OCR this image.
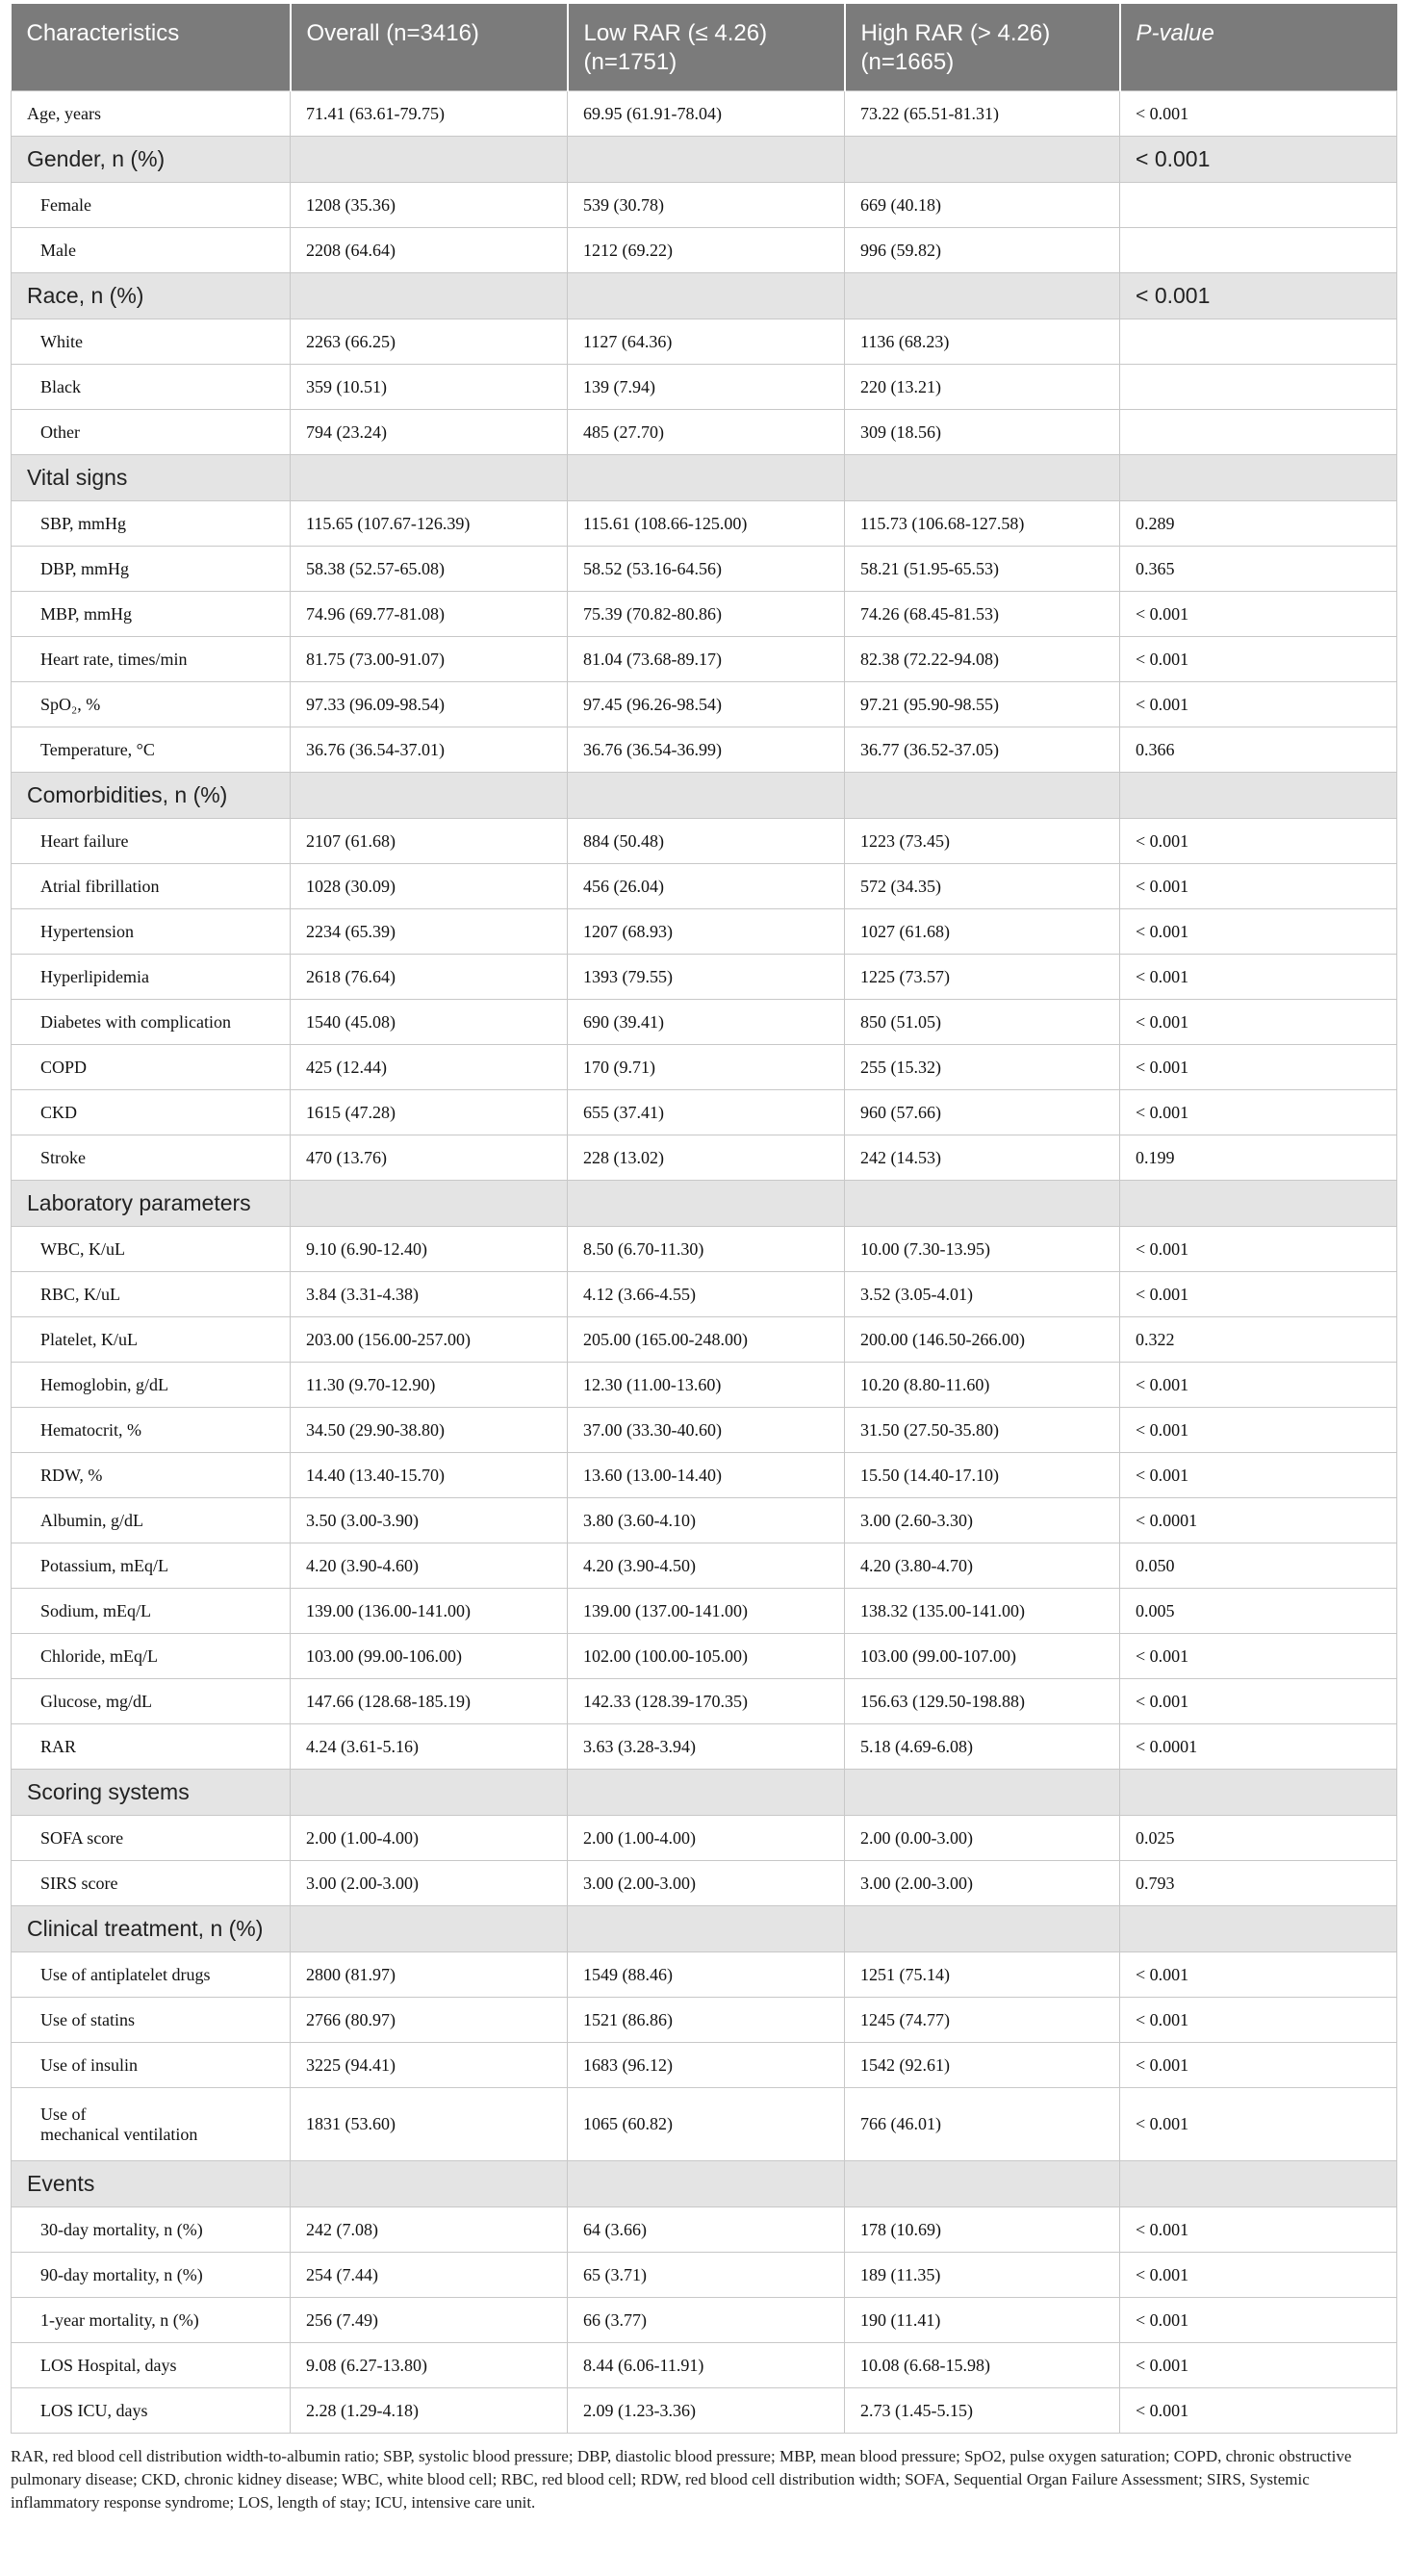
Characteristics	Overall (n=3416)	Low RAR (≤ 4.26) (n=1751)	High RAR (> 4.26) (n=1665)	P-value
Age, years	71.41 (63.61-79.75)	69.95 (61.91-78.04)	73.22 (65.51-81.31)	< 0.001
Gender, n (%)				< 0.001
Female	1208 (35.36)	539 (30.78)	669 (40.18)	
Male	2208 (64.64)	1212 (69.22)	996 (59.82)	
Race, n (%)				< 0.001
White	2263 (66.25)	1127 (64.36)	1136 (68.23)	
Black	359 (10.51)	139 (7.94)	220 (13.21)	
Other	794 (23.24)	485 (27.70)	309 (18.56)	
Vital signs				
SBP, mmHg	115.65 (107.67-126.39)	115.61 (108.66-125.00)	115.73 (106.68-127.58)	0.289
DBP, mmHg	58.38 (52.57-65.08)	58.52 (53.16-64.56)	58.21 (51.95-65.53)	0.365
MBP, mmHg	74.96 (69.77-81.08)	75.39 (70.82-80.86)	74.26 (68.45-81.53)	< 0.001
Heart rate, times/min	81.75 (73.00-91.07)	81.04 (73.68-89.17)	82.38 (72.22-94.08)	< 0.001
SpO₂, %	97.33 (96.09-98.54)	97.45 (96.26-98.54)	97.21 (95.90-98.55)	< 0.001
Temperature, °C	36.76 (36.54-37.01)	36.76 (36.54-36.99)	36.77 (36.52-37.05)	0.366
Comorbidities, n (%)				
Heart failure	2107 (61.68)	884 (50.48)	1223 (73.45)	< 0.001
Atrial fibrillation	1028 (30.09)	456 (26.04)	572 (34.35)	< 0.001
Hypertension	2234 (65.39)	1207 (68.93)	1027 (61.68)	< 0.001
Hyperlipidemia	2618 (76.64)	1393 (79.55)	1225 (73.57)	< 0.001
Diabetes with complication	1540 (45.08)	690 (39.41)	850 (51.05)	< 0.001
COPD	425 (12.44)	170 (9.71)	255 (15.32)	< 0.001
CKD	1615 (47.28)	655 (37.41)	960 (57.66)	< 0.001
Stroke	470 (13.76)	228 (13.02)	242 (14.53)	0.199
Laboratory parameters				
WBC, K/uL	9.10 (6.90-12.40)	8.50 (6.70-11.30)	10.00 (7.30-13.95)	< 0.001
RBC, K/uL	3.84 (3.31-4.38)	4.12 (3.66-4.55)	3.52 (3.05-4.01)	< 0.001
Platelet, K/uL	203.00 (156.00-257.00)	205.00 (165.00-248.00)	200.00 (146.50-266.00)	0.322
Hemoglobin, g/dL	11.30 (9.70-12.90)	12.30 (11.00-13.60)	10.20 (8.80-11.60)	< 0.001
Hematocrit, %	34.50 (29.90-38.80)	37.00 (33.30-40.60)	31.50 (27.50-35.80)	< 0.001
RDW, %	14.40 (13.40-15.70)	13.60 (13.00-14.40)	15.50 (14.40-17.10)	< 0.001
Albumin, g/dL	3.50 (3.00-3.90)	3.80 (3.60-4.10)	3.00 (2.60-3.30)	< 0.0001
Potassium, mEq/L	4.20 (3.90-4.60)	4.20 (3.90-4.50)	4.20 (3.80-4.70)	0.050
Sodium, mEq/L	139.00 (136.00-141.00)	139.00 (137.00-141.00)	138.32 (135.00-141.00)	0.005
Chloride, mEq/L	103.00 (99.00-106.00)	102.00 (100.00-105.00)	103.00 (99.00-107.00)	< 0.001
Glucose, mg/dL	147.66 (128.68-185.19)	142.33 (128.39-170.35)	156.63 (129.50-198.88)	< 0.001
RAR	4.24 (3.61-5.16)	3.63 (3.28-3.94)	5.18 (4.69-6.08)	< 0.0001
Scoring systems				
SOFA score	2.00 (1.00-4.00)	2.00 (1.00-4.00)	2.00 (0.00-3.00)	0.025
SIRS score	3.00 (2.00-3.00)	3.00 (2.00-3.00)	3.00 (2.00-3.00)	0.793
Clinical treatment, n (%)				
Use of antiplatelet drugs	2800 (81.97)	1549 (88.46)	1251 (75.14)	< 0.001
Use of statins	2766 (80.97)	1521 (86.86)	1245 (74.77)	< 0.001
Use of insulin	3225 (94.41)	1683 (96.12)	1542 (92.61)	< 0.001
Use of
mechanical ventilation	1831 (53.60)	1065 (60.82)	766 (46.01)	< 0.001
Events				
30-day mortality, n (%)	242 (7.08)	64 (3.66)	178 (10.69)	< 0.001
90-day mortality, n (%)	254 (7.44)	65 (3.71)	189 (11.35)	< 0.001
1-year mortality, n (%)	256 (7.49)	66 (3.77)	190 (11.41)	< 0.001
LOS Hospital, days	9.08 (6.27-13.80)	8.44 (6.06-11.91)	10.08 (6.68-15.98)	< 0.001
LOS ICU, days	2.28 (1.29-4.18)	2.09 (1.23-3.36)	2.73 (1.45-5.15)	< 0.001
RAR, red blood cell distribution width-to-albumin ratio; SBP, systolic blood pressure; DBP, diastolic blood pressure; MBP, mean blood pressure; SpO2, pulse oxygen saturation; COPD, chronic obstructive pulmonary disease; CKD, chronic kidney disease; WBC, white blood cell; RBC, red blood cell; RDW, red blood cell distribution width; SOFA, Sequential Organ Failure Assessment; SIRS, Systemic inflammatory response syndrome; LOS, length of stay; ICU, intensive care unit.
